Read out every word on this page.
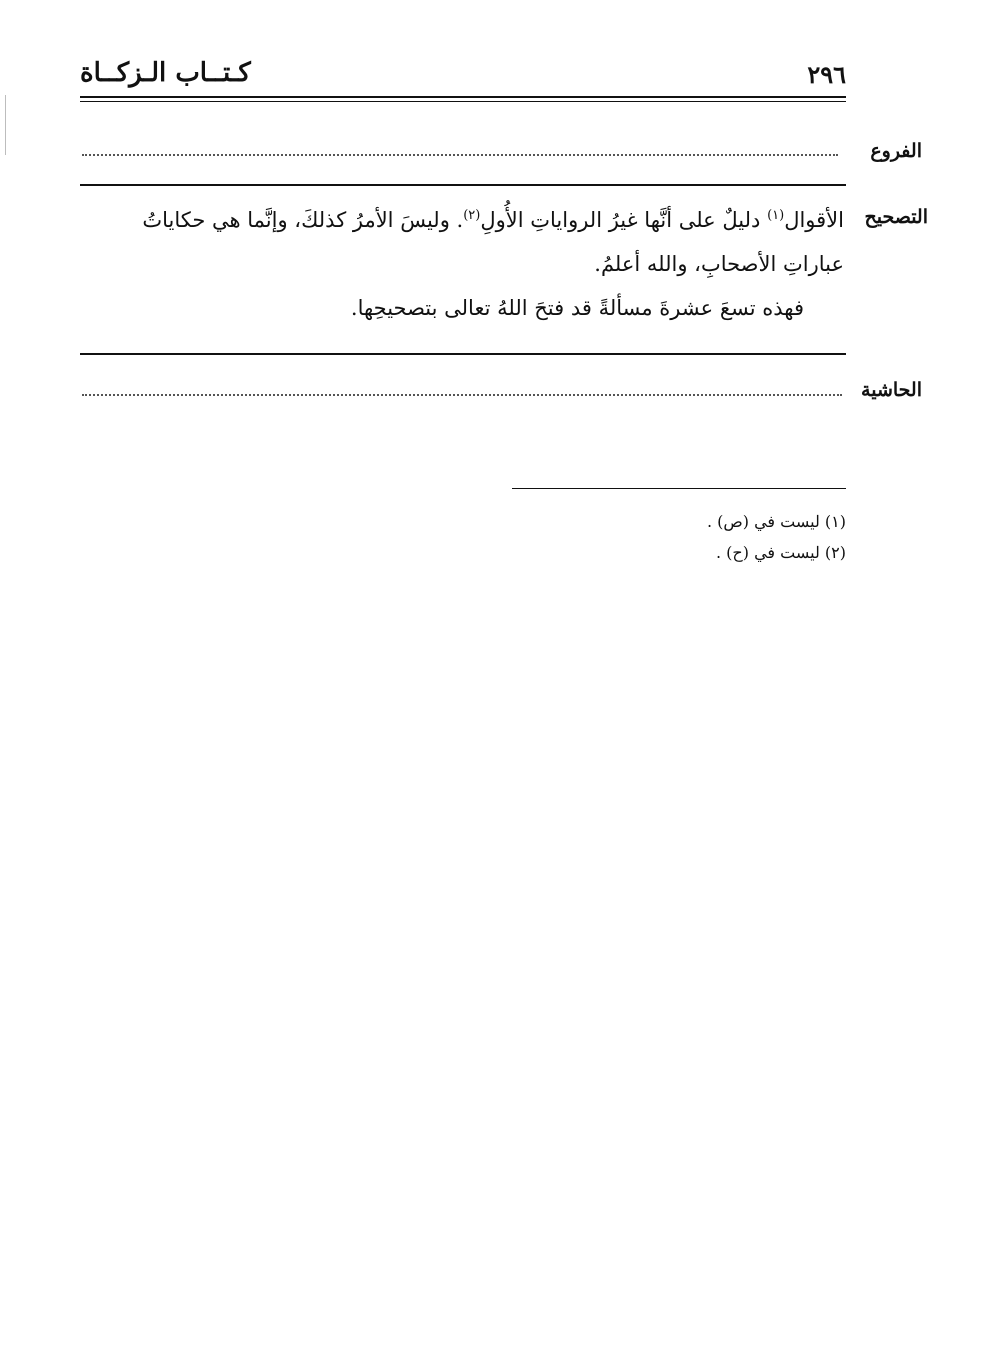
٢٩٦
كـتــاب الـزكــاة
الفروع
التصحيح
الأقوال$^{(١)}$ دليلٌ على أنَّها غيرُ الرواياتِ الأُولِ$^{(٢)}$. وليسَ الأمرُ كذلكَ، وإنَّما هي حكاياتُ
عباراتِ الأصحابِ، والله أعلمُ.
فهذه تسعَ عشرةَ مسألةً قد فتحَ اللهُ تعالى بتصحيحِها.
الحاشية
(١) ليست في (ص) .
(٢) ليست في (ح) .
